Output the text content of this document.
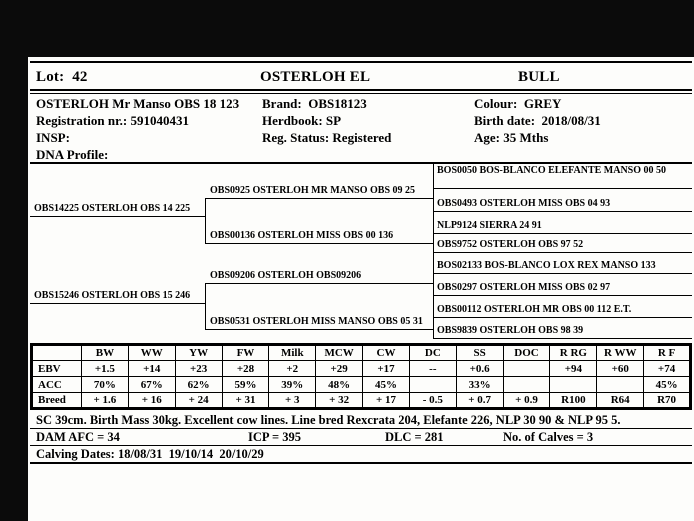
Lot:  42	OSTERLOH EL	BULL
OSTERLOH Mr Manso OBS 18 123	Brand:  OBS18123	Colour:  GREY
Registration nr.: 591040431	Herdbook: SP	Birth date:  2018/08/31
INSP:	Reg. Status: Registered	Age: 35 Mths
DNA Profile:
OBS14225 OSTERLOH OBS 14 225
OBS15246 OSTERLOH OBS 15 246
OBS0925 OSTERLOH MR MANSO OBS 09 25
OBS00136 OSTERLOH MISS OBS 00 136
OBS09206 OSTERLOH OBS09206
OBS0531 OSTERLOH MISS MANSO OBS 05 31
BOS0050 BOS-BLANCO ELEFANTE MANSO 00 50
OBS0493 OSTERLOH MISS OBS 04 93
NLP9124 SIERRA 24 91
OBS9752 OSTERLOH OBS 97 52
BOS02133 BOS-BLANCO LOX REX MANSO 133
OBS0297 OSTERLOH MISS OBS 02 97
OBS00112 OSTERLOH MR OBS 00 112 E.T.
OBS9839 OSTERLOH OBS 98 39
	BW	WW	YW	FW	Milk	MCW	CW	DC	SS	DOC	R RG	R WW	R F
EBV	+1.5	+14	+23	+28	+2	+29	+17	--	+0.6		+94	+60	+74
ACC	70%	67%	62%	59%	39%	48%	45%		33%				45%
Breed	+ 1.6	+ 16	+ 24	+ 31	+ 3	+ 32	+ 17	- 0.5	+ 0.7	+ 0.9	R100	R64	R70
SC 39cm. Birth Mass 30kg. Excellent cow lines. Line bred Rexcrata 204, Elefante 226, NLP 30 90 & NLP 95 5.
DAM AFC = 34	ICP = 395	DLC = 281	No. of Calves = 3
Calving Dates: 18/08/31  19/10/14  20/10/29
